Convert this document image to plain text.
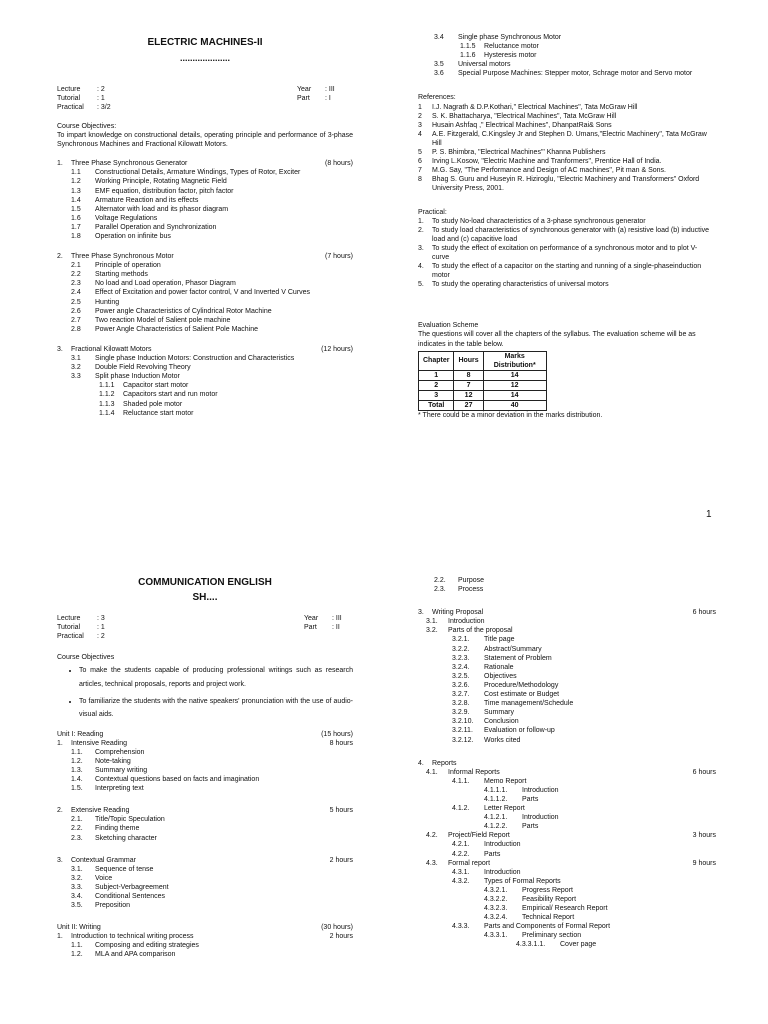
ELECTRIC MACHINES-II

....................
Lecture	: 2	Year	: III
Tutorial	: 1	Part	: I
Practical	: 3/2
Course Objectives:
To impart knowledge on constructional details, operating principle and performance of 3-phase Synchronous Machines and Fractional Kilowatt Motors.
1.	Three Phase Synchronous Generator	(8 hours)
1.1 Constructional Details, Armature Windings, Types of Rotor, Exciter
1.2 Working Principle, Rotating Magnetic Field
1.3 EMF equation, distribution factor, pitch factor
1.4 Armature Reaction and its effects
1.5 Alternator with load and its phasor diagram
1.6 Voltage Regulations
1.7 Parallel Operation and Synchronization
1.8 Operation on infinite bus
2.	Three Phase Synchronous Motor	(7 hours)
2.1 Principle of operation
2.2 Starting methods
2.3 No load and Load operation, Phasor Diagram
2.4	Effect of Excitation and power factor control, V and Inverted V Curves
2.5 Hunting
2.6 Power angle Characteristics of Cylindrical Rotor Machine
2.7 Two reaction Model of Salient pole machine
2.8 Power Angle Characteristics of Salient Pole Machine
3.	Fractional Kilowatt Motors	(12 hours)
3.1 Single phase Induction Motors: Construction and Characteristics
3.2 Double Field Revolving Theory
3.3 Split phase Induction Motor
1.1.1 Capacitor start motor
1.1.2 Capacitors start and run motor
1.1.3 Shaded pole motor
1.1.4 Reluctance start motor
3.4 Single phase Synchronous Motor
1.1.5 Reluctance motor
1.1.6 Hysteresis motor
3.5 Universal motors
3.6	Special Purpose Machines: Stepper motor, Schrage motor and Servo motor
References:
1	I.J. Nagrath & D.P.Kothari," Electrical Machines", Tata McGraw Hill
2	S. K. Bhattacharya, "Electrical Machines", Tata McGraw Hill
3	Husain Ashfaq ," Electrical Machines", DhanpatRai& Sons
4	A.E. Fitzgerald, C.Kingsley Jr and Stephen D. Umans,"Electric Machinery", Tata McGraw Hill
5	P. S. Bhimbra, "Electrical Machines"' Khanna Publishers
6	Irving L.Kosow, "Electric Machine and Tranformers", Prentice Hall of India.
7	M.G. Say, "The Performance and Design of AC machines", Pit man & Sons.
8	Bhag S. Guru and Huseyin R. Hiziroglu, "Electric Machinery and Transformers" Oxford University Press, 2001.
Practical:
1.	To study No-load characteristics of a 3-phase synchronous generator
2.	To study load characteristics of synchronous generator with (a) resistive load (b) inductive load and (c) capacitive load
3.	To study the effect of excitation on performance of a synchronous motor and to plot V- curve
4.	To study the effect of a capacitor on the starting and running of a single-phaseinduction motor
5.	To study the operating characteristics of universal motors
Evaluation Scheme
The questions will cover all the chapters of the syllabus. The evaluation scheme will be as indicates in the table below.
Chapter	Hours	Marks Distribution*
1	8	14
2	7	12
3	12	14
Total	27	40
* There could be a minor deviation in the marks distribution.
1

COMMUNICATION ENGLISH

SH....
Lecture	: 3	Year	: III
Tutorial	: 1	Part	: II
Practical	: 2
Course Objectives
• To make the students capable of producing professional writings such as research articles, technical proposals, reports and project work.
• To familiarize the students with the native speakers' pronunciation with the use of audio-visual aids.
Unit I: Reading	(15 hours)
1.	Intensive Reading	8 hours
1.1. Comprehension
1.2. Note-taking
1.3. Summary writing
1.4. Contextual questions based on facts and imagination
1.5. Interpreting text
2.	Extensive Reading	5 hours
2.1. Title/Topic Speculation
2.2. Finding theme
2.3. Sketching character
3.	Contextual Grammar	2 hours
3.1. Sequence of tense
3.2. Voice
3.3. Subject-Verbagreement
3.4. Conditional Sentences
3.5. Preposition
Unit II: Writing	(30 hours)
1.	Introduction to technical writing process	2 hours
1.1. Composing and editing strategies
1.2. MLA and APA comparison
2.2. Purpose
2.3. Process
3.	Writing Proposal	6 hours
3.1.	Introduction
3.2.	Parts of the proposal
3.2.1.	Title page
3.2.2.	Abstract/Summary
3.2.3.	Statement of Problem
3.2.4.	Rationale
3.2.5.	Objectives
3.2.6.	Procedure/Methodology
3.2.7.	Cost estimate or Budget
3.2.8.	Time management/Schedule
3.2.9.	Summary
3.2.10.	Conclusion
3.2.11.	Evaluation or follow-up
3.2.12.	Works cited
4.	Reports
4.1.	Informal Reports	6 hours
4.1.1.	Memo Report
4.1.1.1.	Introduction
4.1.1.2.	Parts
4.1.2.	Letter Report
4.1.2.1.	Introduction
4.1.2.2.	Parts
4.2.	Project/Field Report	3 hours
4.2.1.	Introduction
4.2.2.	Parts
4.3.	Formal report	9 hours
4.3.1.	Introduction
4.3.2.	Types of Formal Reports
4.3.2.1.	Progress Report
4.3.2.2.	Feasibility Report
4.3.2.3.	Empirical/ Research Report
4.3.2.4.	Technical Report
4.3.3.	Parts and Components of Formal Report
4.3.3.1.	Preliminary section
4.3.3.1.1.	Cover page
